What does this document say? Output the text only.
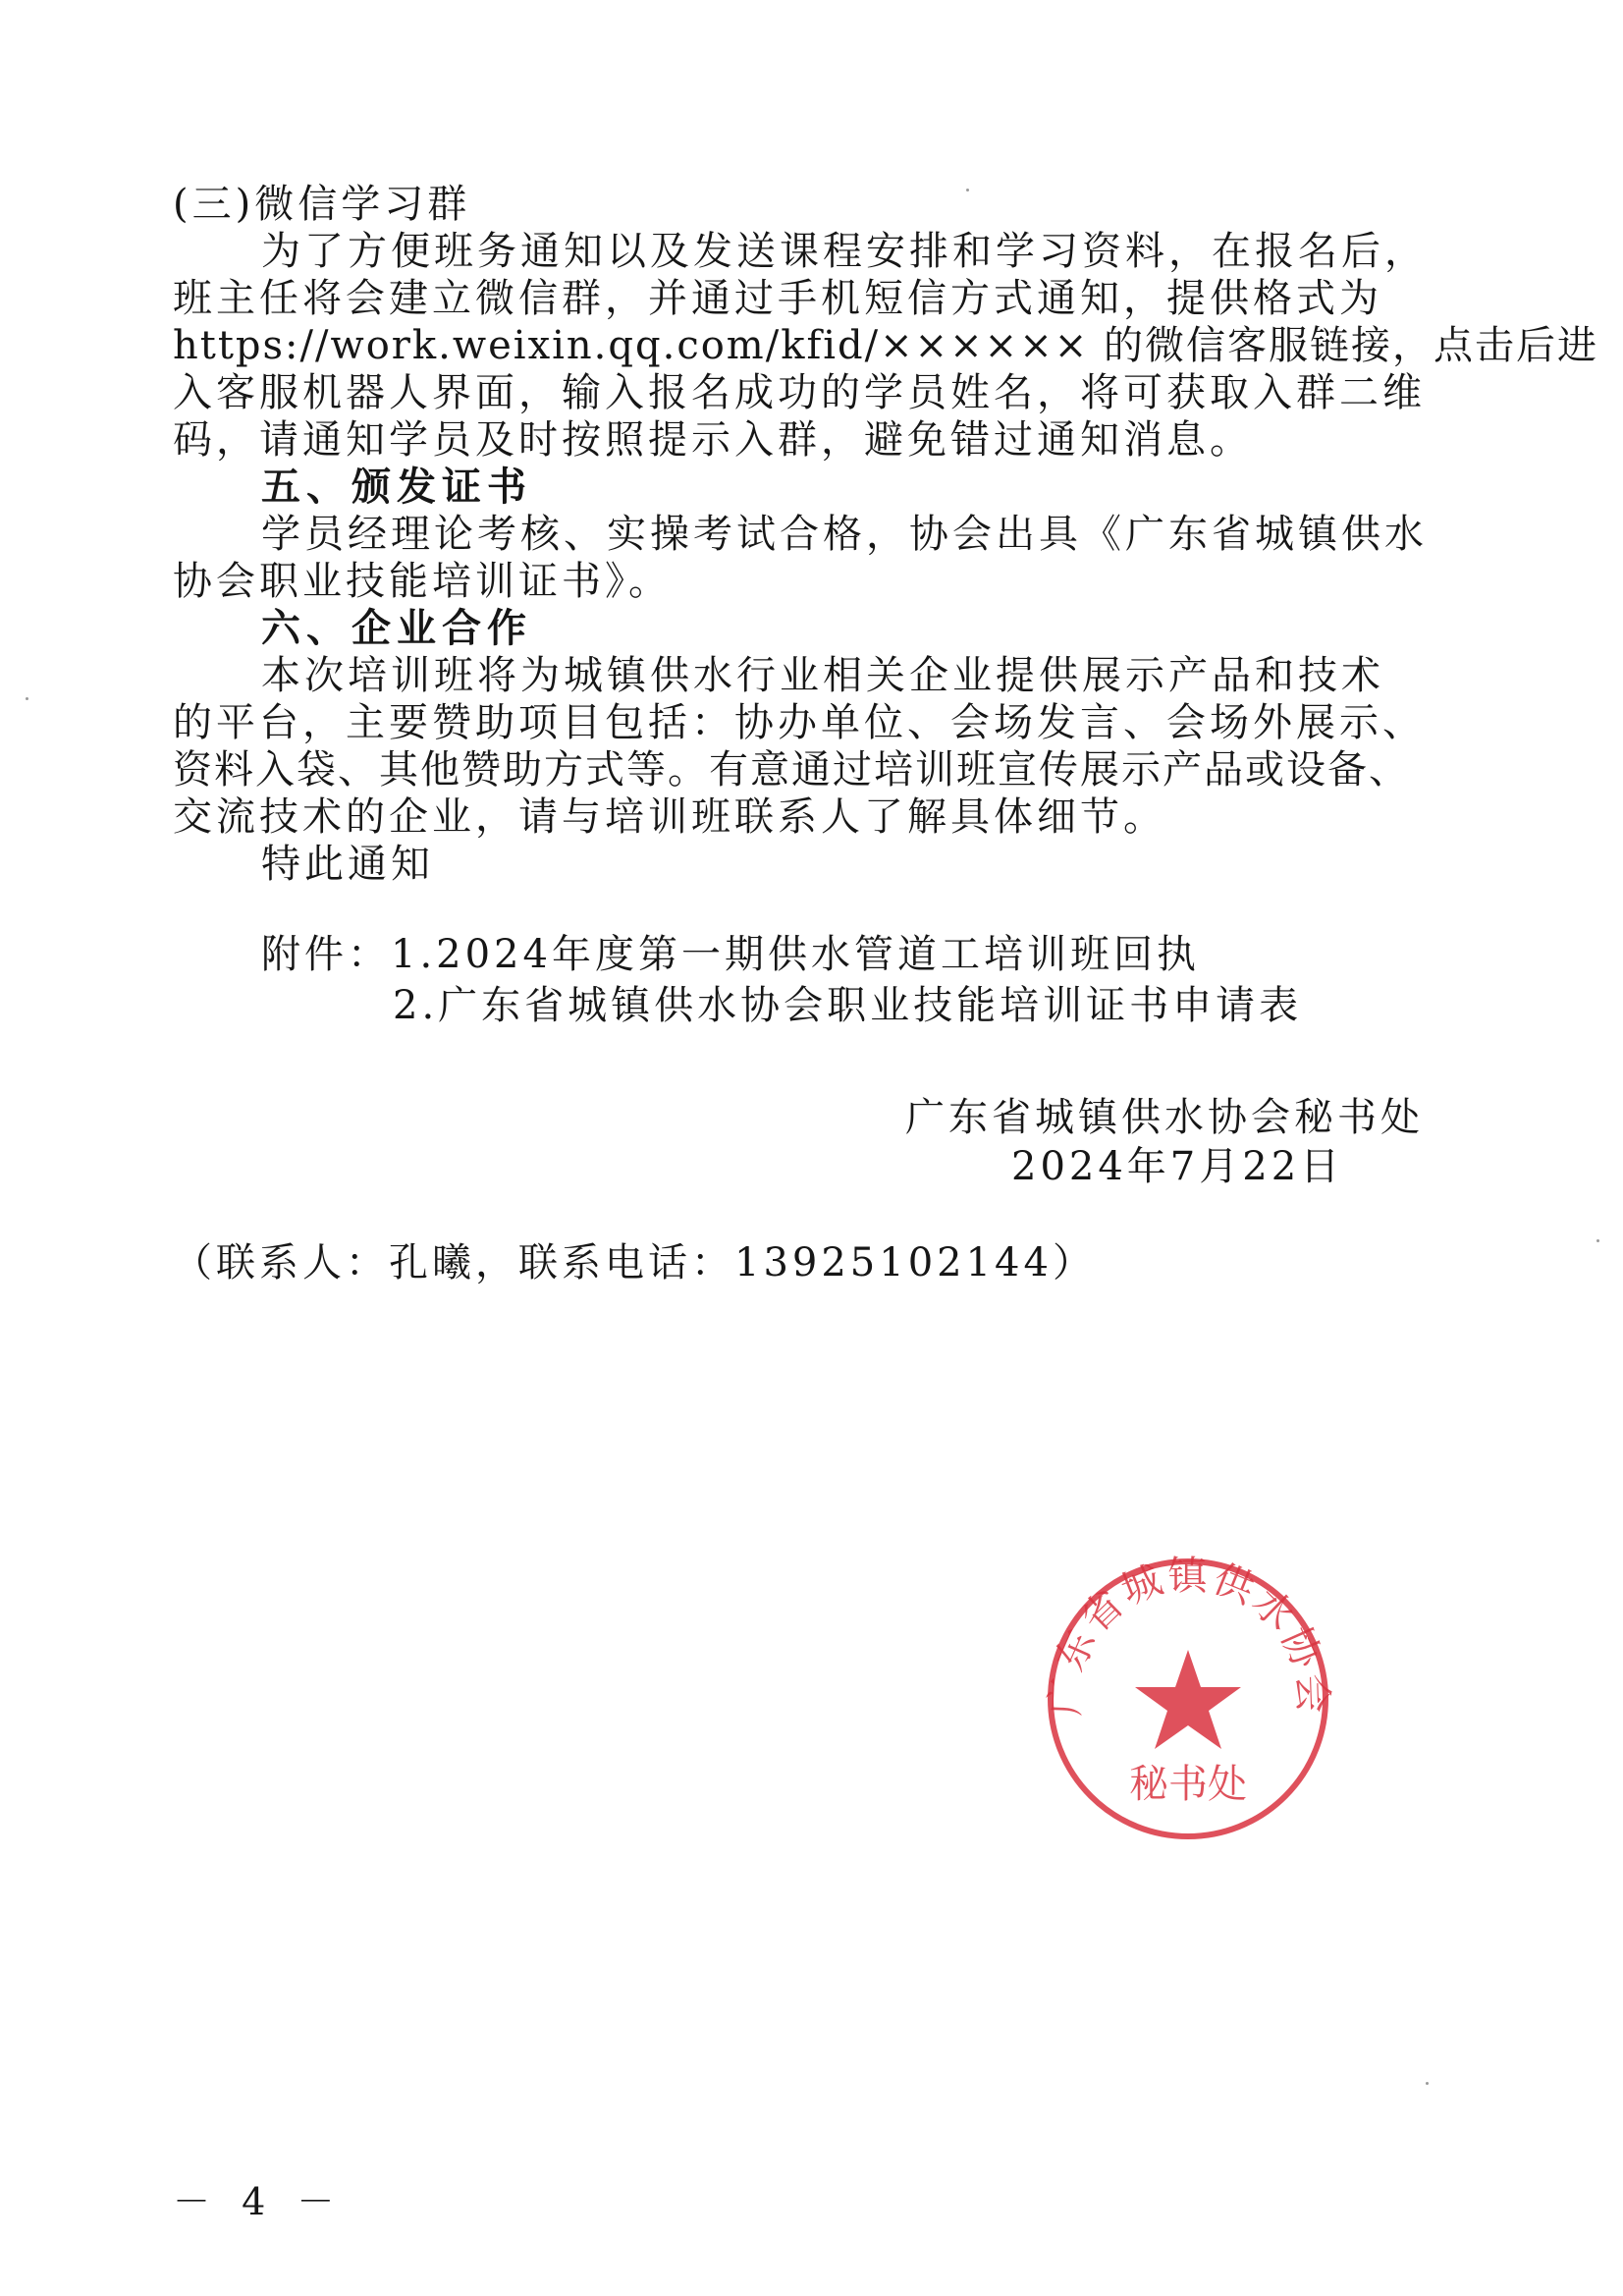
(三)微信学习群
为了方便班务通知以及发送课程安排和学习资料，在报名后，
班主任将会建立微信群，并通过手机短信方式通知，提供格式为
https://work.weixin.qq.com/kfid/×××××× 的微信客服链接，点击后进
入客服机器人界面，输入报名成功的学员姓名，将可获取入群二维
码，请通知学员及时按照提示入群，避免错过通知消息。
五、颁发证书
学员经理论考核、实操考试合格，协会出具《广东省城镇供水
协会职业技能培训证书》。
六、企业合作
本次培训班将为城镇供水行业相关企业提供展示产品和技术
的平台，主要赞助项目包括：协办单位、会场发言、会场外展示、
资料入袋、其他赞助方式等。有意通过培训班宣传展示产品或设备、
交流技术的企业，请与培训班联系人了解具体细节。
特此通知
附件：1.2024年度第一期供水管道工培训班回执
2.广东省城镇供水协会职业技能培训证书申请表
广东省城镇供水协会
秘书处
广东省城镇供水协会秘书处
2024年7月22日
（联系人：孔曦，联系电话：13925102144）
－ 4 －
